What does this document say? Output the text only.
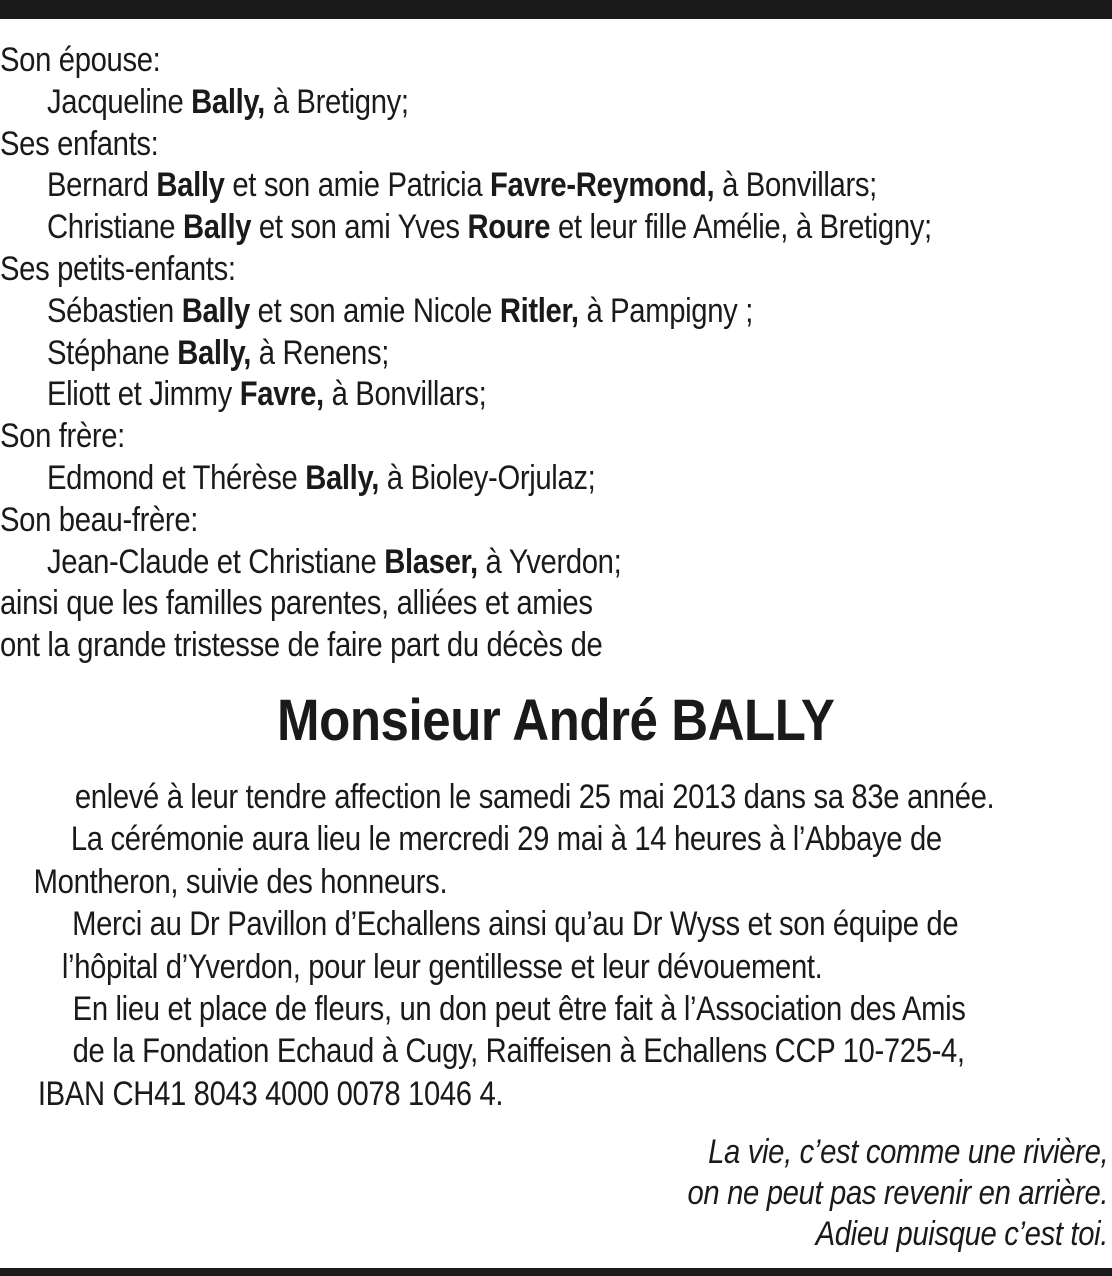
Son épouse:
Jacqueline Bally, à Bretigny;
Ses enfants:
Bernard Bally et son amie Patricia Favre-Reymond, à Bonvillars;
Christiane Bally et son ami Yves Roure et leur fille Amélie, à Bretigny;
Ses petits-enfants:
Sébastien Bally et son amie Nicole Ritler, à Pampigny ;
Stéphane Bally, à Renens;
Eliott et Jimmy Favre, à Bonvillars;
Son frère:
Edmond et Thérèse Bally, à Bioley-Orjulaz;
Son beau-frère:
Jean-Claude et Christiane Blaser, à Yverdon;
ainsi que les familles parentes, alliées et amies
ont la grande tristesse de faire part du décès de
Monsieur André BALLY
enlevé à leur tendre affection le samedi 25 mai 2013 dans sa 83e année.
La cérémonie aura lieu le mercredi 29 mai à 14 heures à l’Abbaye de
Montheron, suivie des honneurs.
Merci au Dr Pavillon d’Echallens ainsi qu’au Dr Wyss et son équipe de
l’hôpital d’Yverdon, pour leur gentillesse et leur dévouement.
En lieu et place de fleurs, un don peut être fait à l’Association des Amis
de la Fondation Echaud à Cugy, Raiffeisen à Echallens CCP 10-725-4,
IBAN CH41 8043 4000 0078 1046 4.
La vie, c’est comme une rivière,
on ne peut pas revenir en arrière.
Adieu puisque c’est toi.
